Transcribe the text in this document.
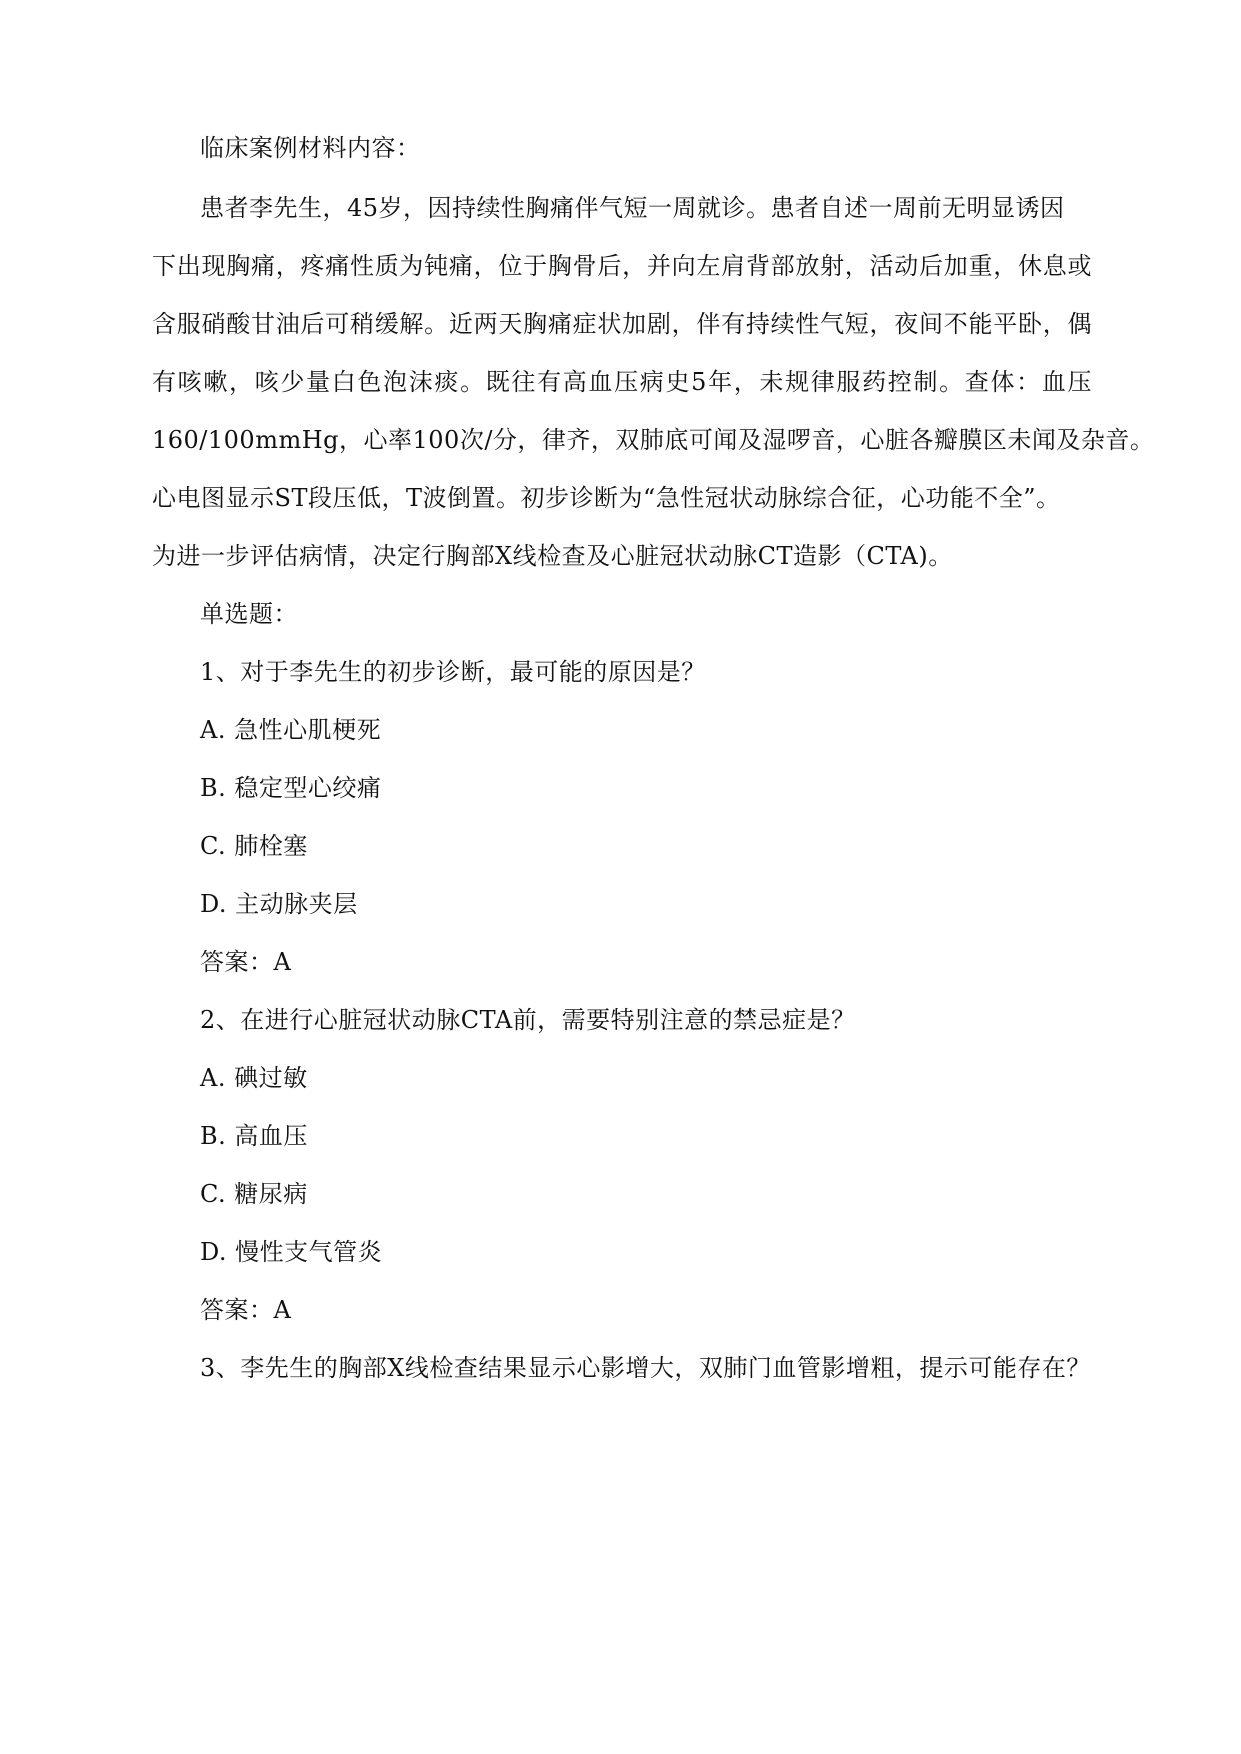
临床案例材料内容：
患者李先生，45岁，因持续性胸痛伴气短一周就诊。患者自述一周前无明显诱因
下出现胸痛，疼痛性质为钝痛，位于胸骨后，并向左肩背部放射，活动后加重，休息或
含服硝酸甘油后可稍缓解。近两天胸痛症状加剧，伴有持续性气短，夜间不能平卧，偶
有咳嗽，咳少量白色泡沫痰。既往有高血压病史5年，未规律服药控制。查体：血压
160/100mmHg，心率100次/分，律齐，双肺底可闻及湿啰音，心脏各瓣膜区未闻及杂音。
心电图显示ST段压低，T波倒置。初步诊断为“急性冠状动脉综合征，心功能不全”。
为进一步评估病情，决定行胸部X线检查及心脏冠状动脉CT造影（CTA)。
单选题：
1、对于李先生的初步诊断，最可能的原因是？
A. 急性心肌梗死
B. 稳定型心绞痛
C. 肺栓塞
D. 主动脉夹层
答案：A
2、在进行心脏冠状动脉CTA前，需要特别注意的禁忌症是？
A. 碘过敏
B. 高血压
C. 糖尿病
D. 慢性支气管炎
答案：A
3、李先生的胸部X线检查结果显示心影增大，双肺门血管影增粗，提示可能存在？
